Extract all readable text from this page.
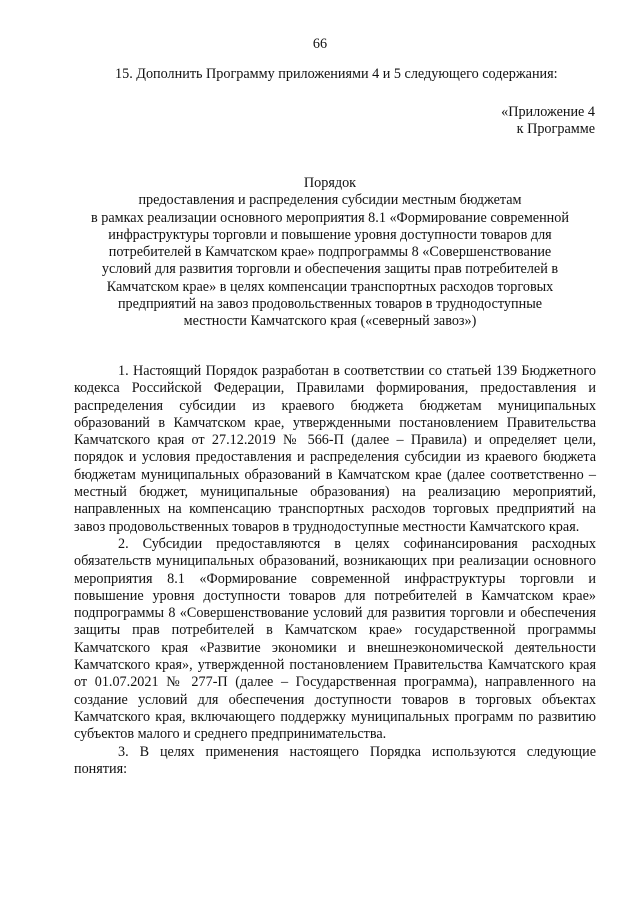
66
15. Дополнить Программу приложениями 4 и 5 следующего содержания:
«Приложение 4
к Программе
Порядок
предоставления и распределения субсидии местным бюджетам
в рамках реализации основного мероприятия 8.1 «Формирование современной
инфраструктуры торговли и повышение уровня доступности товаров для
потребителей в Камчатском крае» подпрограммы 8 «Совершенствование
условий для развития торговли и обеспечения защиты прав потребителей в
Камчатском крае» в целях компенсации транспортных расходов торговых
предприятий на завоз продовольственных товаров в труднодоступные
местности Камчатского края («северный завоз»)

1. Настоящий Порядок разработан в соответствии со статьей 139 Бюджетного кодекса Российской Федерации, Правилами формирования, предоставления и распределения субсидии из краевого бюджета бюджетам муниципальных образований в Камчатском крае, утвержденными постановлением Правительства Камчатского края от 27.12.2019 № 566-П (далее – Правила) и определяет цели, порядок и условия предоставления и распределения субсидии из краевого бюджета бюджетам муниципальных образований в Камчатском крае (далее соответственно – местный бюджет, муниципальные образования) на реализацию мероприятий, направленных на компенсацию транспортных расходов торговых предприятий на завоз продовольственных товаров в труднодоступные местности Камчатского края.

2. Субсидии предоставляются в целях софинансирования расходных обязательств муниципальных образований, возникающих при реализации основного мероприятия 8.1 «Формирование современной инфраструктуры торговли и повышение уровня доступности товаров для потребителей в Камчатском крае» подпрограммы 8 «Совершенствование условий для развития торговли и обеспечения защиты прав потребителей в Камчатском крае» государственной программы Камчатского края «Развитие экономики и внешнеэкономической деятельности Камчатского края», утвержденной постановлением Правительства Камчатского края от 01.07.2021 № 277-П (далее – Государственная программа), направленного на создание условий для обеспечения доступности товаров в торговых объектах Камчатского края, включающего поддержку муниципальных программ по развитию субъектов малого и среднего предпринимательства.

3. В целях применения настоящего Порядка используются следующие понятия:
